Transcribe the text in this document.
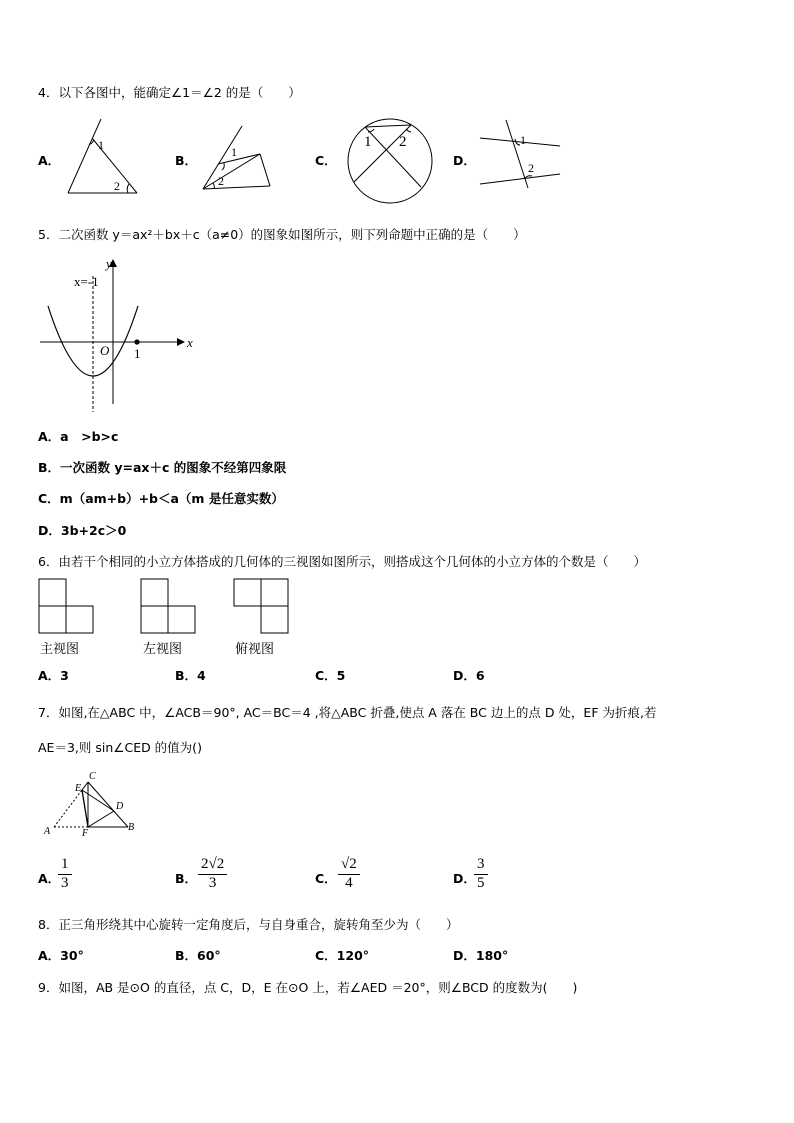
4．以下各图中，能确定∠1＝∠2 的是（　　）
A．
1
2
B．
1
2
C．
1 2
D．
1
2
5．二次函数 y＝ax²＋bx＋c（a≠0）的图象如图所示，则下列命题中正确的是（　　）
x=-1
O 1
x
y
A．a　>b>c
B．一次函数 y=ax＋c 的图象不经第四象限
C．m（am+b）+b＜a（m 是任意实数）
D．3b+2c＞0
6．由若干个相同的小立方体搭成的几何体的三视图如图所示，则搭成这个几何体的小立方体的个数是（　　）
主视图	左视图	俯视图
A．3	B．4	C．5	D．6
7．如图,在△ABC 中，∠ACB＝90°, AC＝BC＝4 ,将△ABC 折叠,使点 A 落在 BC 边上的点 D 处，EF 为折痕,若
AE＝3,则 sin∠CED 的值为()
C
E
D
A	F
B
A．
$\frac{1}{3}$	B． $\frac{2√2}{3}$	C． $\frac{√2}{4}$	D．
$\frac{3}{5}$
8．正三角形绕其中心旋转一定角度后，与自身重合，旋转角至少为（　　）
A．30°	B．60°	C．120°	D．180°
9．如图，AB 是⊙O 的直径，点 C，D，E 在⊙O 上，若∠AED ＝20°，则∠BCD 的度数为(　　)
